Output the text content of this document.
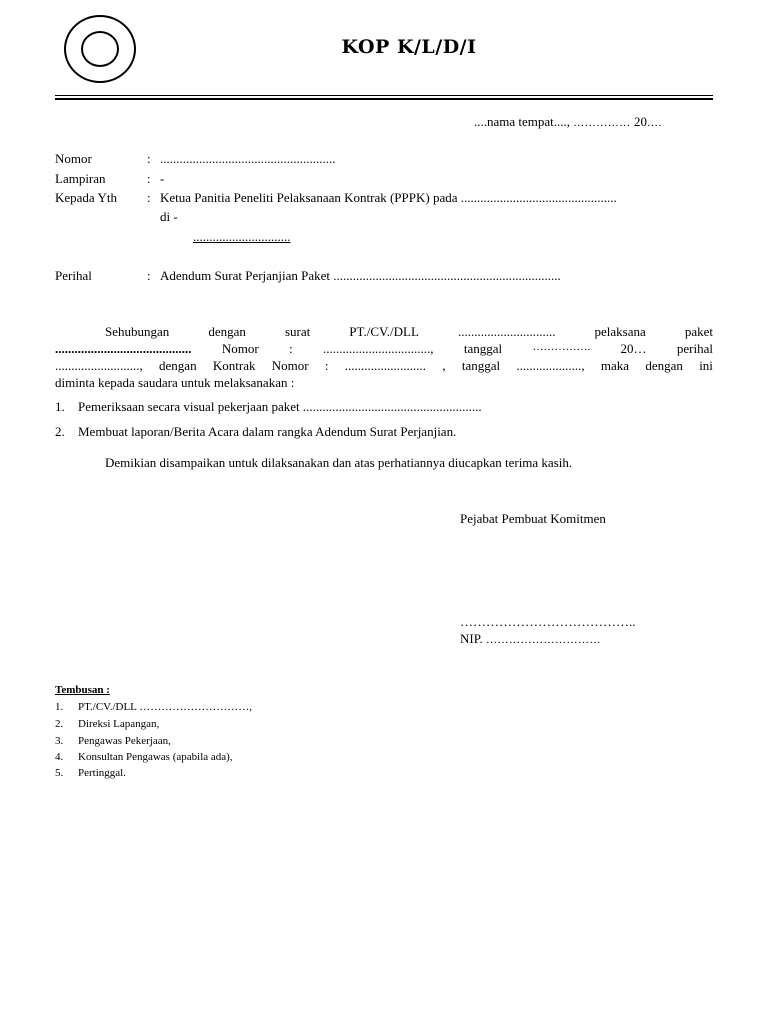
KOP K/L/D/I
....nama tempat...., …………… 20….
Nomor	: ......................................................
Lampiran	: -
Kepada Yth : Ketua Panitia Peneliti Pelaksanaan Kontrak (PPPK) pada ................................................
di -
..............................
Perihal	: Adendum Surat Perjanjian Paket ......................................................................
Sehubungan	dengan	surat	PT./CV./DLL	..............................	pelaksana	paket
.......................................... Nomor : ................................., tanggal	……………. 20… perihal
.........................., dengan Kontrak Nomor : ......................... , tanggal ...................., maka dengan ini
diminta kepada saudara untuk melaksanakan :
1. Pemeriksaan secara visual pekerjaan paket .......................................................
2. Membuat laporan/Berita Acara dalam rangka Adendum Surat Perjanjian.
Demikian disampaikan untuk dilaksanakan dan atas perhatiannya diucapkan terima kasih.
Pejabat Pembuat Komitmen
…………………………………..
NIP. …………………………
Tembusan :
1. PT./CV./DLL …………………………,
2. Direksi Lapangan,
3. Pengawas Pekerjaan,
4. Konsultan Pengawas (apabila ada),
5. Pertinggal.
